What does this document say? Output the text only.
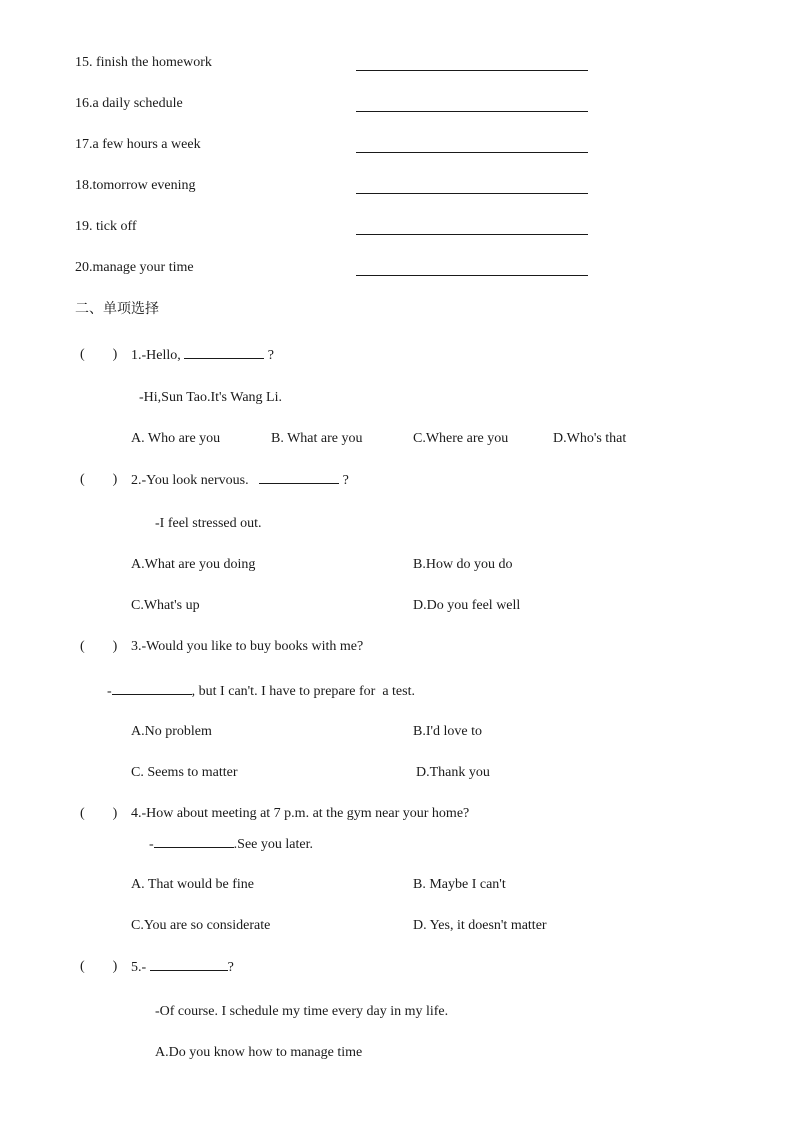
15. finish the homework
16.a daily schedule
17.a few hours a week
18.tomorrow evening
19. tick off
20.manage your time
二、单项选择
(        ) 1.-Hello,	?
-Hi,Sun Tao.It's Wang Li.
A. Who are you	B. What are you	C.Where are you	D.Who's that
(        ) 2.-You look nervous.	?
-I feel stressed out.
A.What are you doing	B.How do you do
C.What's up	D.Do you feel well
(        ) 3.-Would you like to buy books with me?
-	, but I can't. I have to prepare for  a test.
A.No problem	B.I'd love to
C. Seems to matter	D.Thank you
(        ) 4.-How about meeting at 7 p.m. at the gym near your home?
-	.See you later.
A. That would be fine	B. Maybe I can't
C.You are so considerate	D. Yes, it doesn't matter
(        ) 5.-	?
-Of course. I schedule my time every day in my life.
A.Do you know how to manage time
